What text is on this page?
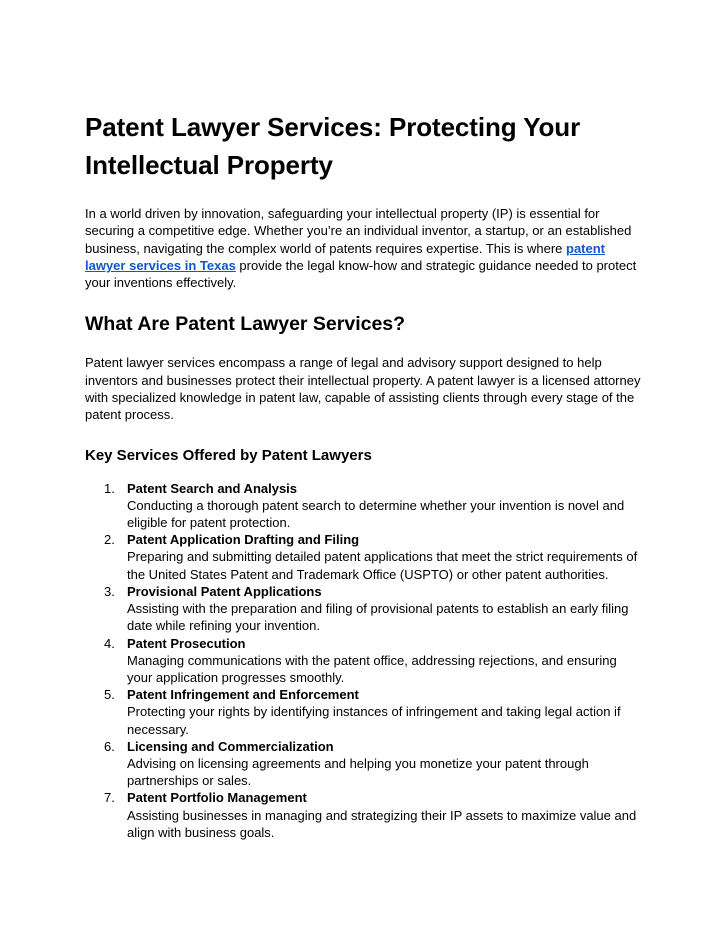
Patent Lawyer Services: Protecting Your Intellectual Property

In a world driven by innovation, safeguarding your intellectual property (IP) is essential for securing a competitive edge. Whether you’re an individual inventor, a startup, or an established business, navigating the complex world of patents requires expertise. This is where patent lawyer services in Texas provide the legal know-how and strategic guidance needed to protect your inventions effectively.

What Are Patent Lawyer Services?

Patent lawyer services encompass a range of legal and advisory support designed to help inventors and businesses protect their intellectual property. A patent lawyer is a licensed attorney with specialized knowledge in patent law, capable of assisting clients through every stage of the patent process.

Key Services Offered by Patent Lawyers
1. Patent Search and Analysis
Conducting a thorough patent search to determine whether your invention is novel and eligible for patent protection.
2. Patent Application Drafting and Filing
Preparing and submitting detailed patent applications that meet the strict requirements of the United States Patent and Trademark Office (USPTO) or other patent authorities.
3. Provisional Patent Applications
Assisting with the preparation and filing of provisional patents to establish an early filing date while refining your invention.
4. Patent Prosecution
Managing communications with the patent office, addressing rejections, and ensuring your application progresses smoothly.
5. Patent Infringement and Enforcement
Protecting your rights by identifying instances of infringement and taking legal action if necessary.
6. Licensing and Commercialization
Advising on licensing agreements and helping you monetize your patent through partnerships or sales.
7. Patent Portfolio Management
Assisting businesses in managing and strategizing their IP assets to maximize value and align with business goals.
